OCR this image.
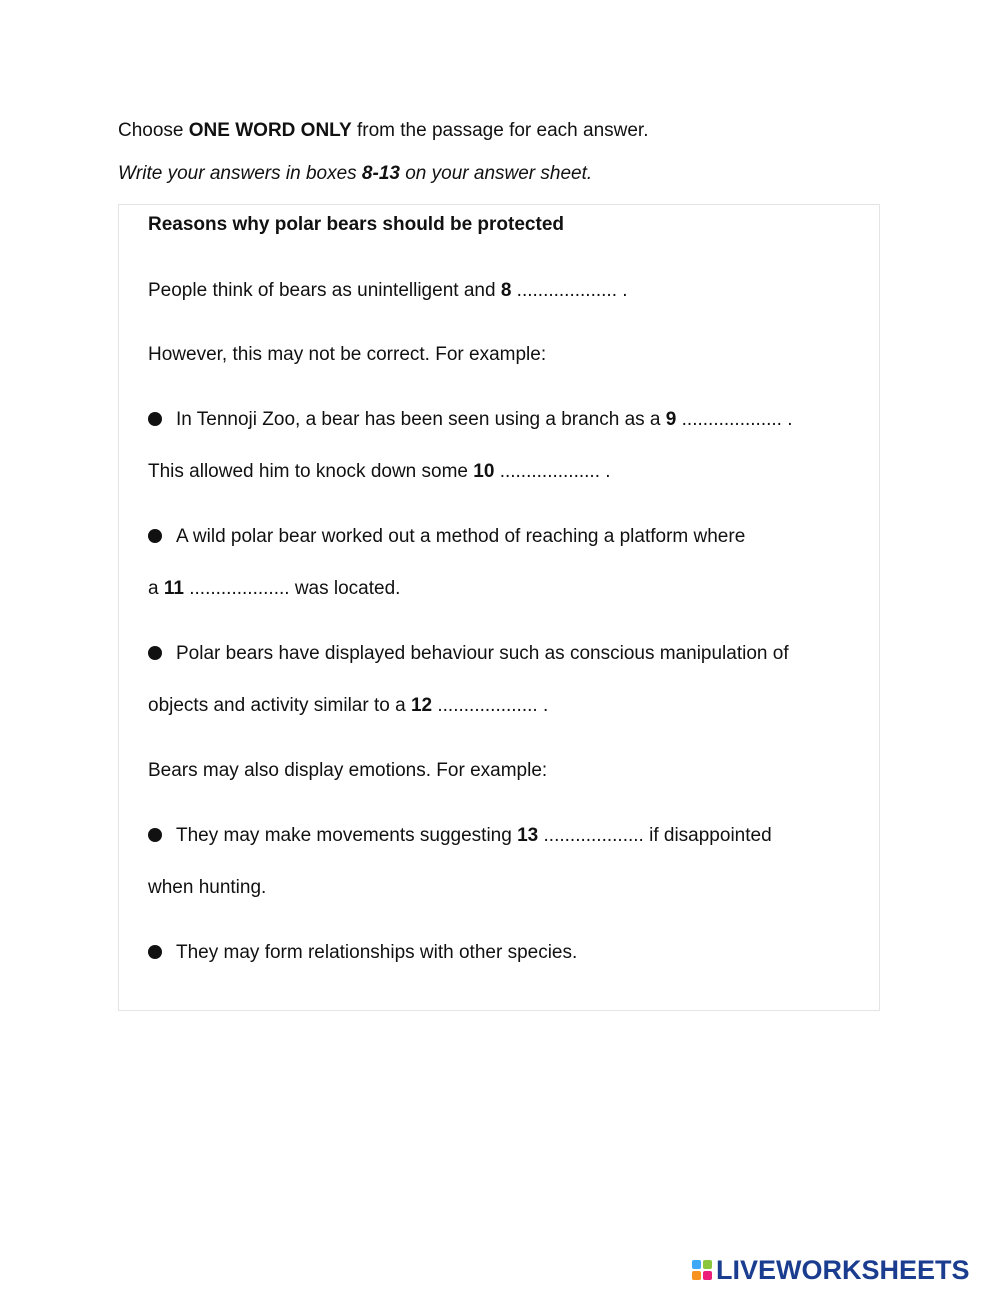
Choose ONE WORD ONLY from the passage for each answer.
Write your answers in boxes 8-13 on your answer sheet.
Reasons why polar bears should be protected
People think of bears as unintelligent and 8 ................... .
However, this may not be correct. For example:
In Tennoji Zoo, a bear has been seen using a branch as a 9 ................... .
This allowed him to knock down some 10 ................... .
A wild polar bear worked out a method of reaching a platform where
a 11 ................... was located.
Polar bears have displayed behaviour such as conscious manipulation of
objects and activity similar to a 12 ................... .
Bears may also display emotions. For example:
They may make movements suggesting 13 ................... if disappointed
when hunting.
They may form relationships with other species.
LIVEWORKSHEETS
